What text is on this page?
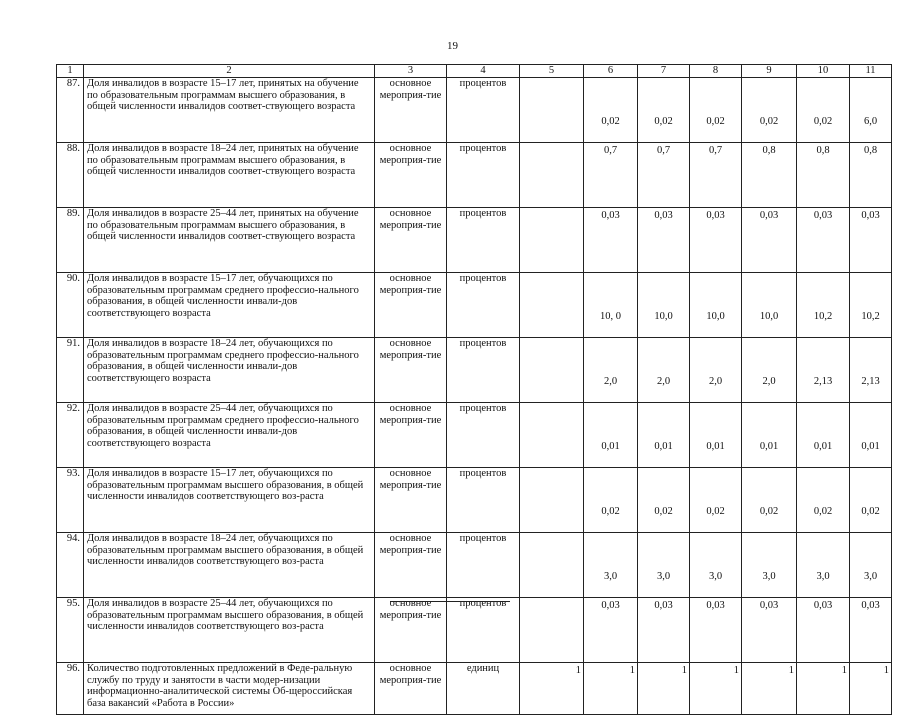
19
1	2	3	4	5	6	7	8	9	10	11
87.	Доля инвалидов в возрасте 15–17 лет, принятых на обучение по образовательным программам высшего образования, в общей численности инвалидов соответ-ствующего возраста	основное мероприя-тие	процентов		0,02	0,02	0,02	0,02	0,02	6,0
88.	Доля инвалидов в возрасте 18–24 лет, принятых на обучение по образовательным программам высшего образования, в общей численности инвалидов соответ-ствующего возраста	основное мероприя-тие	процентов		0,7	0,7	0,7	0,8	0,8	0,8
89.	Доля инвалидов в возрасте 25–44 лет, принятых на обучение по образовательным программам высшего образования, в общей численности инвалидов соответ-ствующего возраста	основное мероприя-тие	процентов		0,03	0,03	0,03	0,03	0,03	0,03
90.	Доля инвалидов в возрасте 15–17 лет, обучающихся по образовательным программам среднего профессио-нального образования, в общей численности инвали-дов соответствующего возраста	основное мероприя-тие	процентов		10, 0	10,0	10,0	10,0	10,2	10,2
91.	Доля инвалидов в возрасте 18–24 лет, обучающихся по образовательным программам среднего профессио-нального образования, в общей численности инвали-дов соответствующего возраста	основное мероприя-тие	процентов		2,0	2,0	2,0	2,0	2,13	2,13
92.	Доля инвалидов в возрасте 25–44 лет, обучающихся по образовательным программам среднего профессио-нального образования, в общей численности инвали-дов соответствующего возраста	основное мероприя-тие	процентов		0,01	0,01	0,01	0,01	0,01	0,01
93.	Доля инвалидов в возрасте 15–17 лет, обучающихся по образовательным программам высшего образования, в общей численности инвалидов соответствующего воз-раста	основное мероприя-тие	процентов		0,02	0,02	0,02	0,02	0,02	0,02
94.	Доля инвалидов в возрасте 18–24 лет, обучающихся по образовательным программам высшего образования, в общей численности инвалидов соответствующего воз-раста	основное мероприя-тие	процентов		3,0	3,0	3,0	3,0	3,0	3,0
95.	Доля инвалидов в возрасте 25–44 лет, обучающихся по образовательным программам высшего образования, в общей численности инвалидов соответствующего воз-раста	основное мероприя-тие	процентов		0,03	0,03	0,03	0,03	0,03	0,03
96.	Количество подготовленных предложений в Феде-ральную службу по труду и занятости в части модер-низации информационно-аналитической системы Об-щероссийская база вакансий «Работа в России»	основное мероприя-тие	единиц	1	1	1	1	1	1	1
